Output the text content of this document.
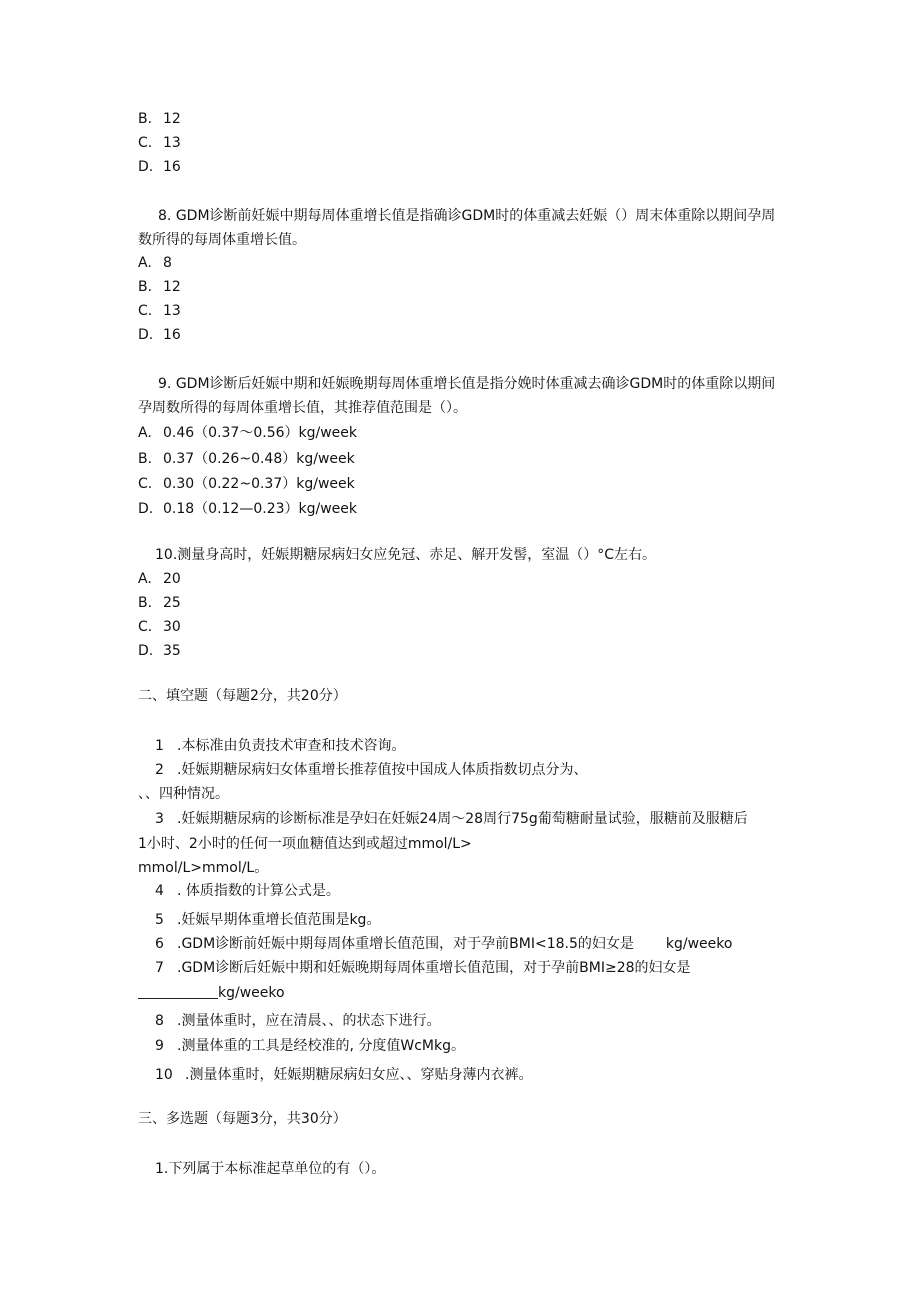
B. 12
C. 13
D. 16
8. GDM诊断前妊娠中期每周体重增长值是指确诊GDM时的体重减去妊娠（）周末体重除以期间孕周数所得的每周体重增长值。
A. 8
B. 12
C. 13
D. 16
9. GDM诊断后妊娠中期和妊娠晚期每周体重增长值是指分娩时体重减去确诊GDM时的体重除以期间孕周数所得的每周体重增长值，其推荐值范围是（）。
A. 0.46（0.37～0.56）kg/week
B. 0.37（0.26~0.48）kg/week
C. 0.30（0.22~0.37）kg/week
D. 0.18（0.12—0.23）kg/week
10.测量身高时，妊娠期糖尿病妇女应免冠、赤足、解开发髻，室温（）°C左右。
A. 20
B. 25
C. 30
D. 35
二、填空题（每题2分，共20分）
1 .本标准由负责技术审查和技术咨询。
2 .妊娠期糖尿病妇女体重增长推荐值按中国成人体质指数切点分为、
、、四种情况。
3 .妊娠期糖尿病的诊断标准是孕妇在妊娠24周～28周行75g葡萄糖耐量试验，服糖前及服糖后
1小时、2小时的任何一项血糖值达到或超过mmol/L>
mmol/L>mmol/L。
4 . 体质指数的计算公式是。
5 .妊娠早期体重增长值范围是kg。
6 .GDM诊断前妊娠中期每周体重增长值范围，对于孕前BMI<18.5的妇女是 kg/weeko
7 .GDM诊断后妊娠中期和妊娠晚期每周体重增长值范围，对于孕前BMI≥28的妇女是
kg/weeko
8 .测量体重时，应在清晨、、的状态下进行。
9 .测量体重的工具是经校准的, 分度值WcMkg。
10 .测量体重时，妊娠期糖尿病妇女应、、穿贴身薄内衣裤。
三、多选题（每题3分，共30分）
1.下列属于本标准起草单位的有（）。
